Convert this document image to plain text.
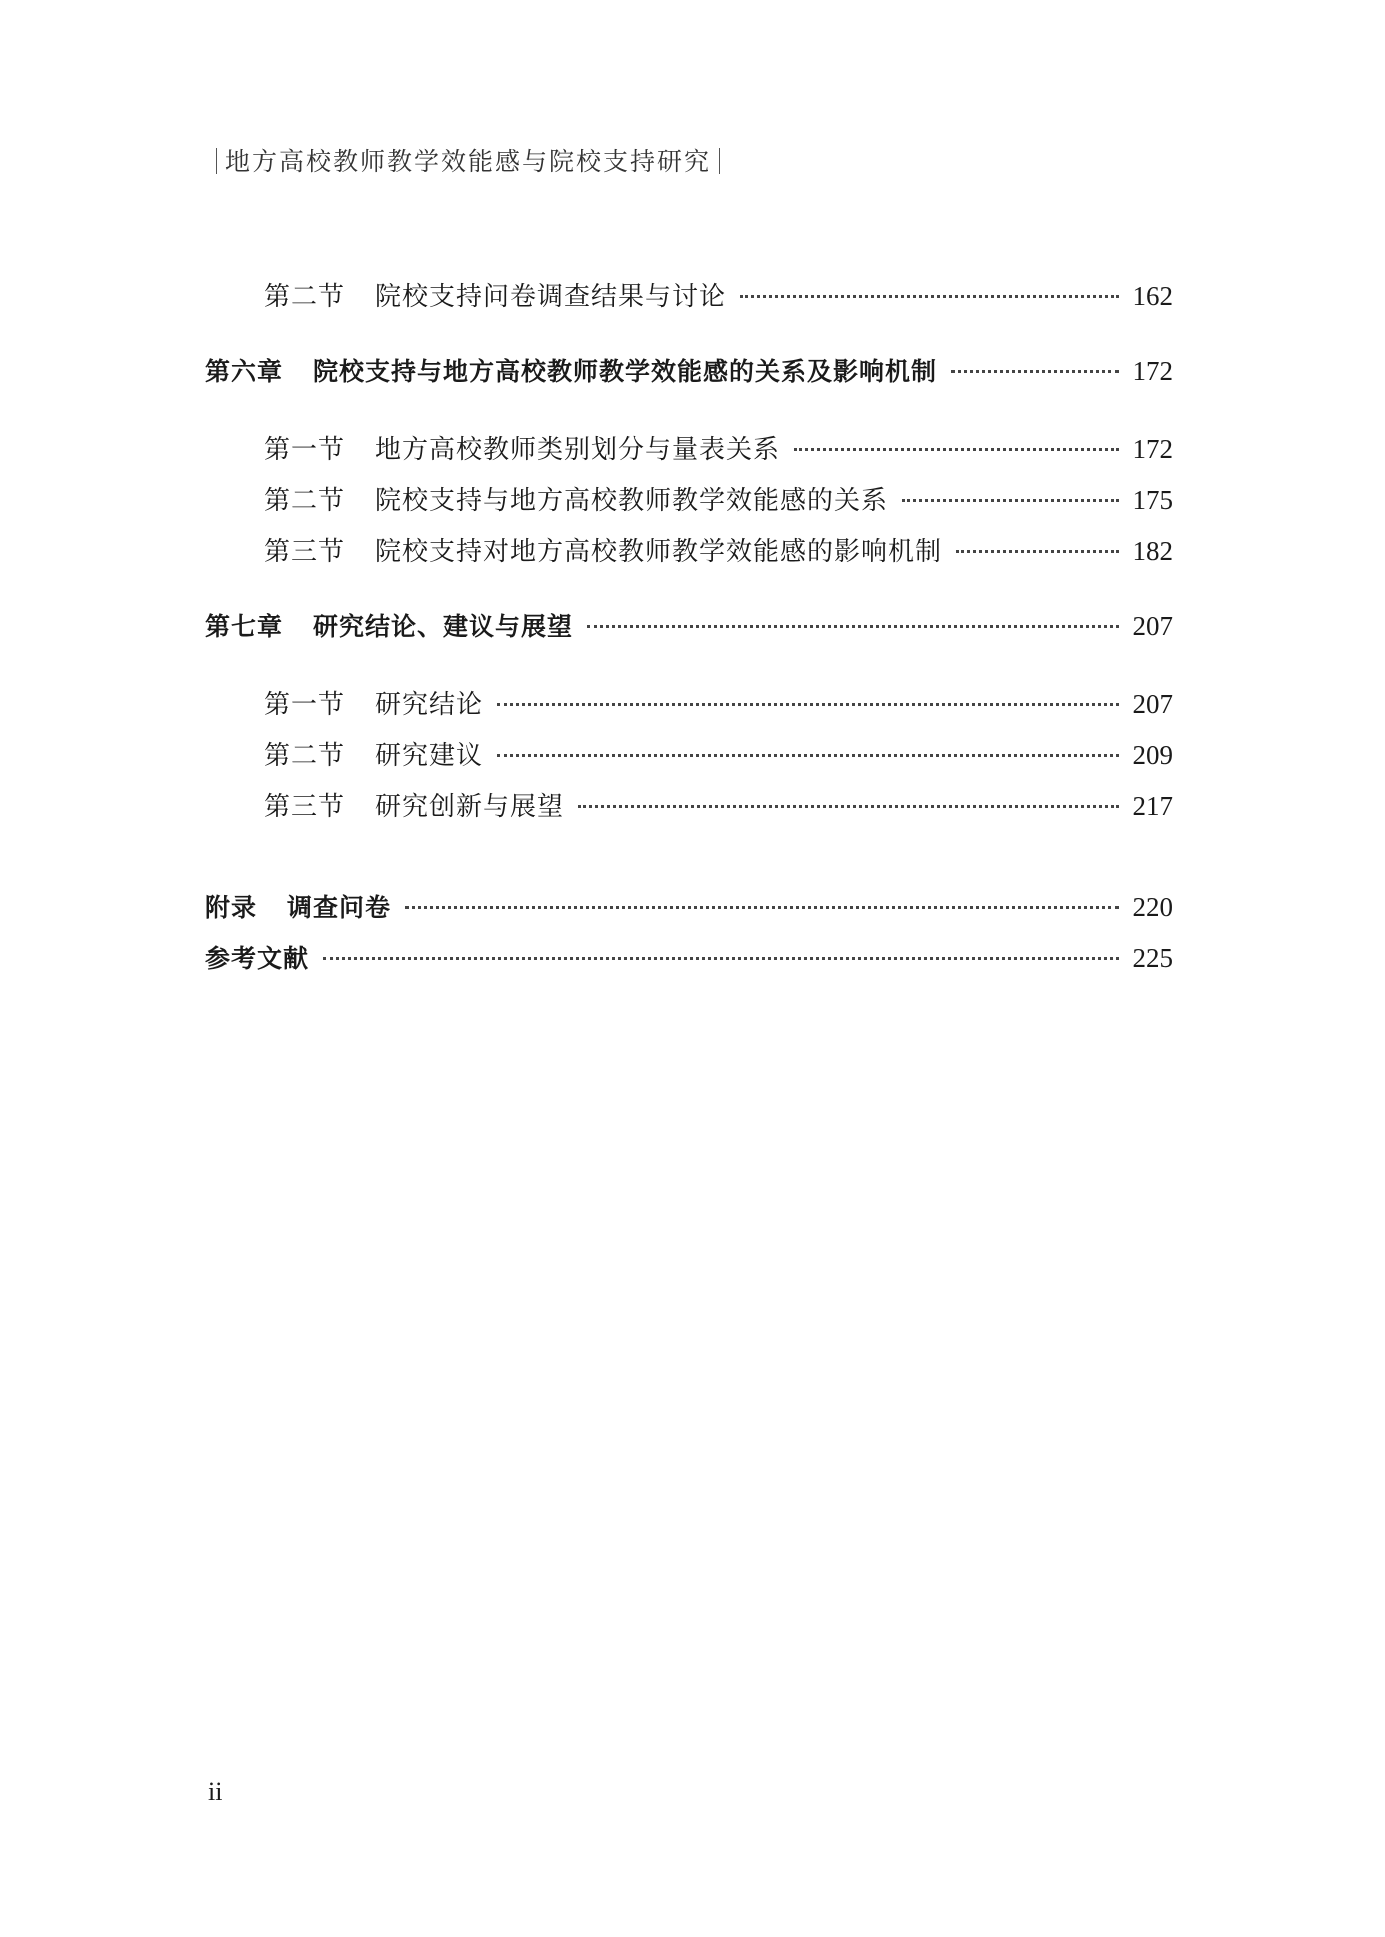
地方高校教师教学效能感与院校支持研究
第二节 院校支持问卷调查结果与讨论	162
第六章 院校支持与地方高校教师教学效能感的关系及影响机制	172
第一节 地方高校教师类别划分与量表关系	172
第二节 院校支持与地方高校教师教学效能感的关系	175
第三节 院校支持对地方高校教师教学效能感的影响机制	182
第七章 研究结论、建议与展望	207
第一节 研究结论	207
第二节 研究建议	209
第三节 研究创新与展望	217
附录 调查问卷	220
参考文献	225
ii
